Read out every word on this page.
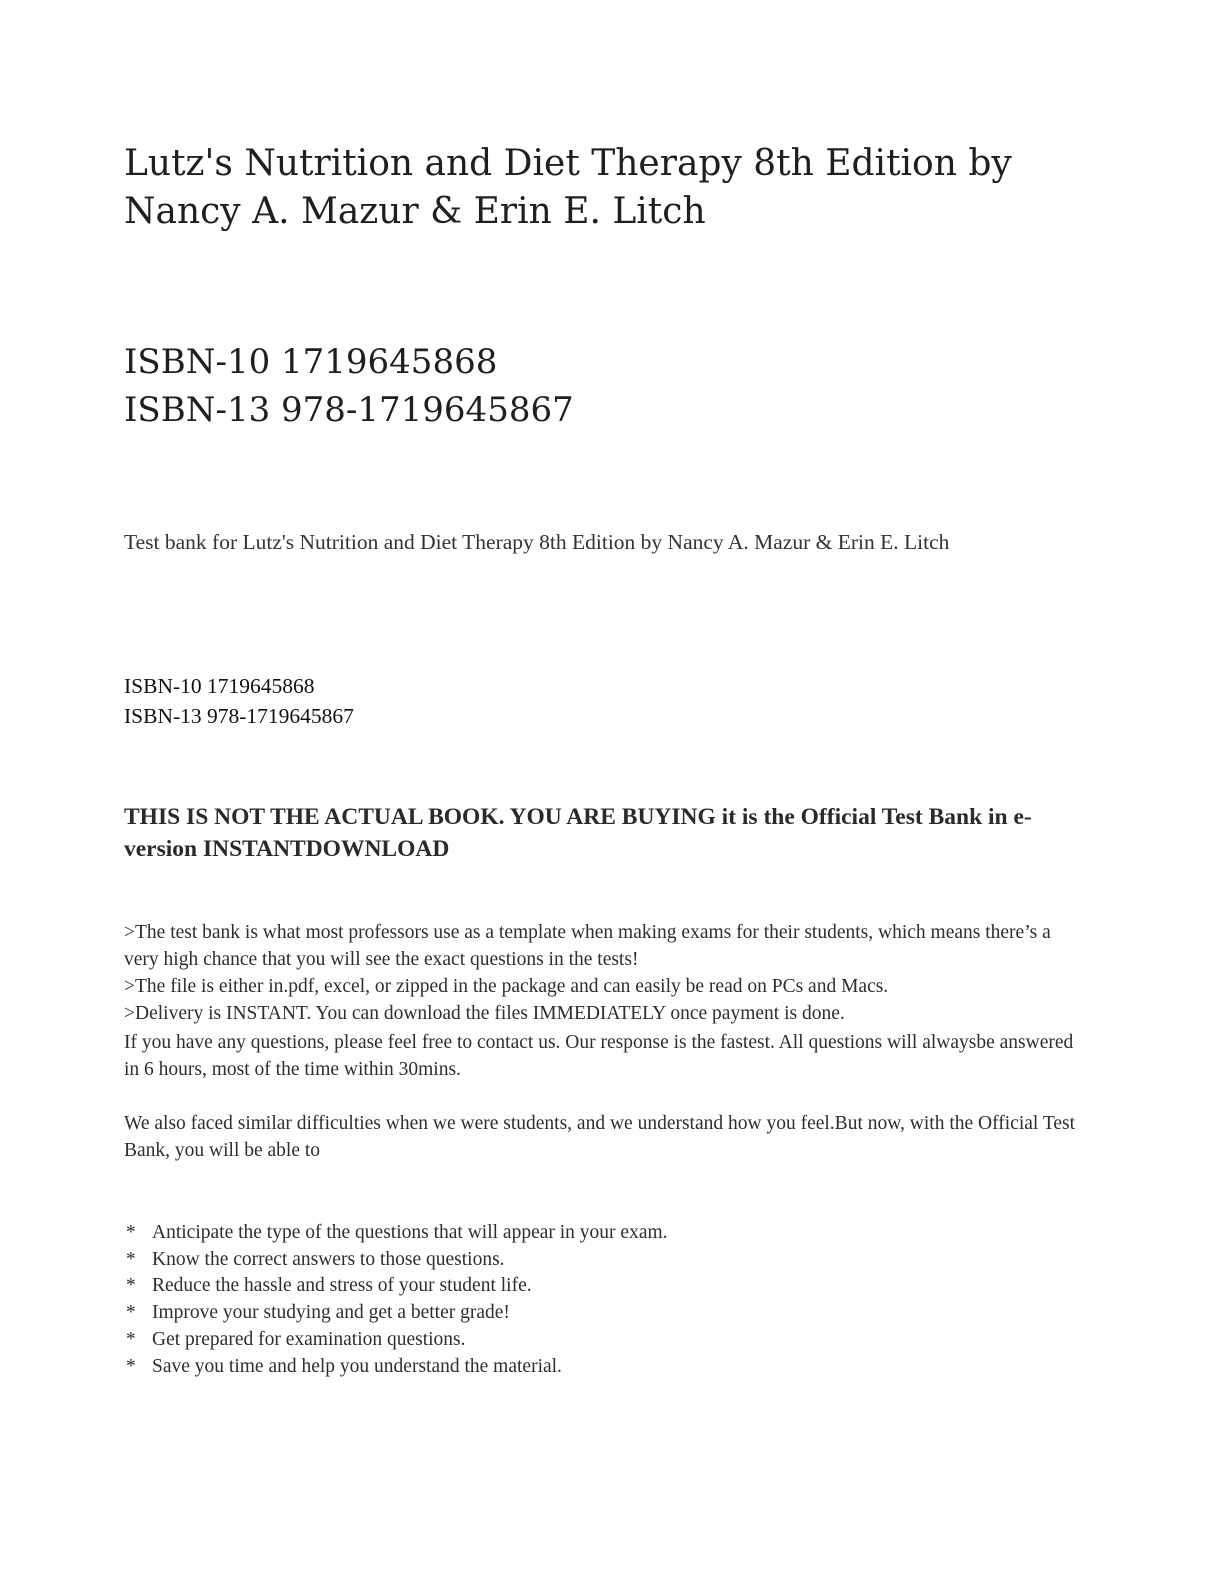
Lutz's Nutrition and Diet Therapy 8th Edition by Nancy A. Mazur & Erin E. Litch
ISBN-10 1719645868
ISBN-13 978-1719645867

Test bank for Lutz's Nutrition and Diet Therapy 8th Edition by Nancy A. Mazur & Erin E. Litch

ISBN-10 1719645868
ISBN-13 978-1719645867

THIS IS NOT THE ACTUAL BOOK. YOU ARE BUYING it is the Official Test Bank in e-version INSTANTDOWNLOAD

>The test bank is what most professors use as a template when making exams for their students, which means there’s a very high chance that you will see the exact questions in the tests!

>The file is either in.pdf, excel, or zipped in the package and can easily be read on PCs and Macs.

>Delivery is INSTANT. You can download the files IMMEDIATELY once payment is done.

If you have any questions, please feel free to contact us. Our response is the fastest. All questions will alwaysbe answered in 6 hours, most of the time within 30mins.

We also faced similar difficulties when we were students, and we understand how you feel.But now, with the Official Test Bank, you will be able to

* Anticipate the type of the questions that will appear in your exam.
* Know the correct answers to those questions.
* Reduce the hassle and stress of your student life.
* Improve your studying and get a better grade!
* Get prepared for examination questions.
* Save you time and help you understand the material.
